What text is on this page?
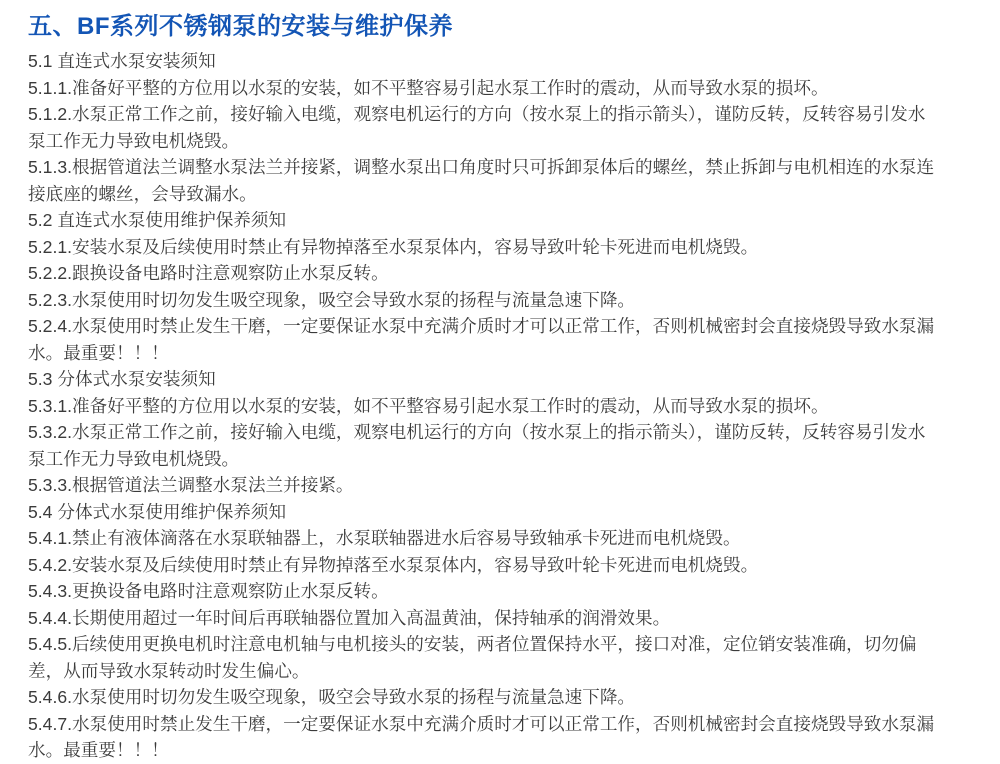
五、BF系列不锈钢泵的安装与维护保养

5.1 直连式水泵安装须知

5.1.1.准备好平整的方位用以水泵的安装，如不平整容易引起水泵工作时的震动，从而导致水泵的损坏。

5.1.2.水泵正常工作之前，接好输入电缆，观察电机运行的方向（按水泵上的指示箭头），谨防反转，反转容易引发水泵工作无力导致电机烧毁。

5.1.3.根据管道法兰调整水泵法兰并接紧，调整水泵出口角度时只可拆卸泵体后的螺丝，禁止拆卸与电机相连的水泵连接底座的螺丝，会导致漏水。

5.2 直连式水泵使用维护保养须知

5.2.1.安装水泵及后续使用时禁止有异物掉落至水泵泵体内，容易导致叶轮卡死进而电机烧毁。

5.2.2.跟换设备电路时注意观察防止水泵反转。

5.2.3.水泵使用时切勿发生吸空现象，吸空会导致水泵的扬程与流量急速下降。

5.2.4.水泵使用时禁止发生干磨，一定要保证水泵中充满介质时才可以正常工作，否则机械密封会直接烧毁导致水泵漏水。最重要！！！

5.3 分体式水泵安装须知

5.3.1.准备好平整的方位用以水泵的安装，如不平整容易引起水泵工作时的震动，从而导致水泵的损坏。

5.3.2.水泵正常工作之前，接好输入电缆，观察电机运行的方向（按水泵上的指示箭头），谨防反转，反转容易引发水泵工作无力导致电机烧毁。

5.3.3.根据管道法兰调整水泵法兰并接紧。

5.4 分体式水泵使用维护保养须知

5.4.1.禁止有液体滴落在水泵联轴器上，水泵联轴器进水后容易导致轴承卡死进而电机烧毁。

5.4.2.安装水泵及后续使用时禁止有异物掉落至水泵泵体内，容易导致叶轮卡死进而电机烧毁。

5.4.3.更换设备电路时注意观察防止水泵反转。

5.4.4.长期使用超过一年时间后再联轴器位置加入高温黄油，保持轴承的润滑效果。

5.4.5.后续使用更换电机时注意电机轴与电机接头的安装，两者位置保持水平，接口对准，定位销安装准确，切勿偏差，从而导致水泵转动时发生偏心。

5.4.6.水泵使用时切勿发生吸空现象，吸空会导致水泵的扬程与流量急速下降。

5.4.7.水泵使用时禁止发生干磨，一定要保证水泵中充满介质时才可以正常工作，否则机械密封会直接烧毁导致水泵漏水。最重要！！！
